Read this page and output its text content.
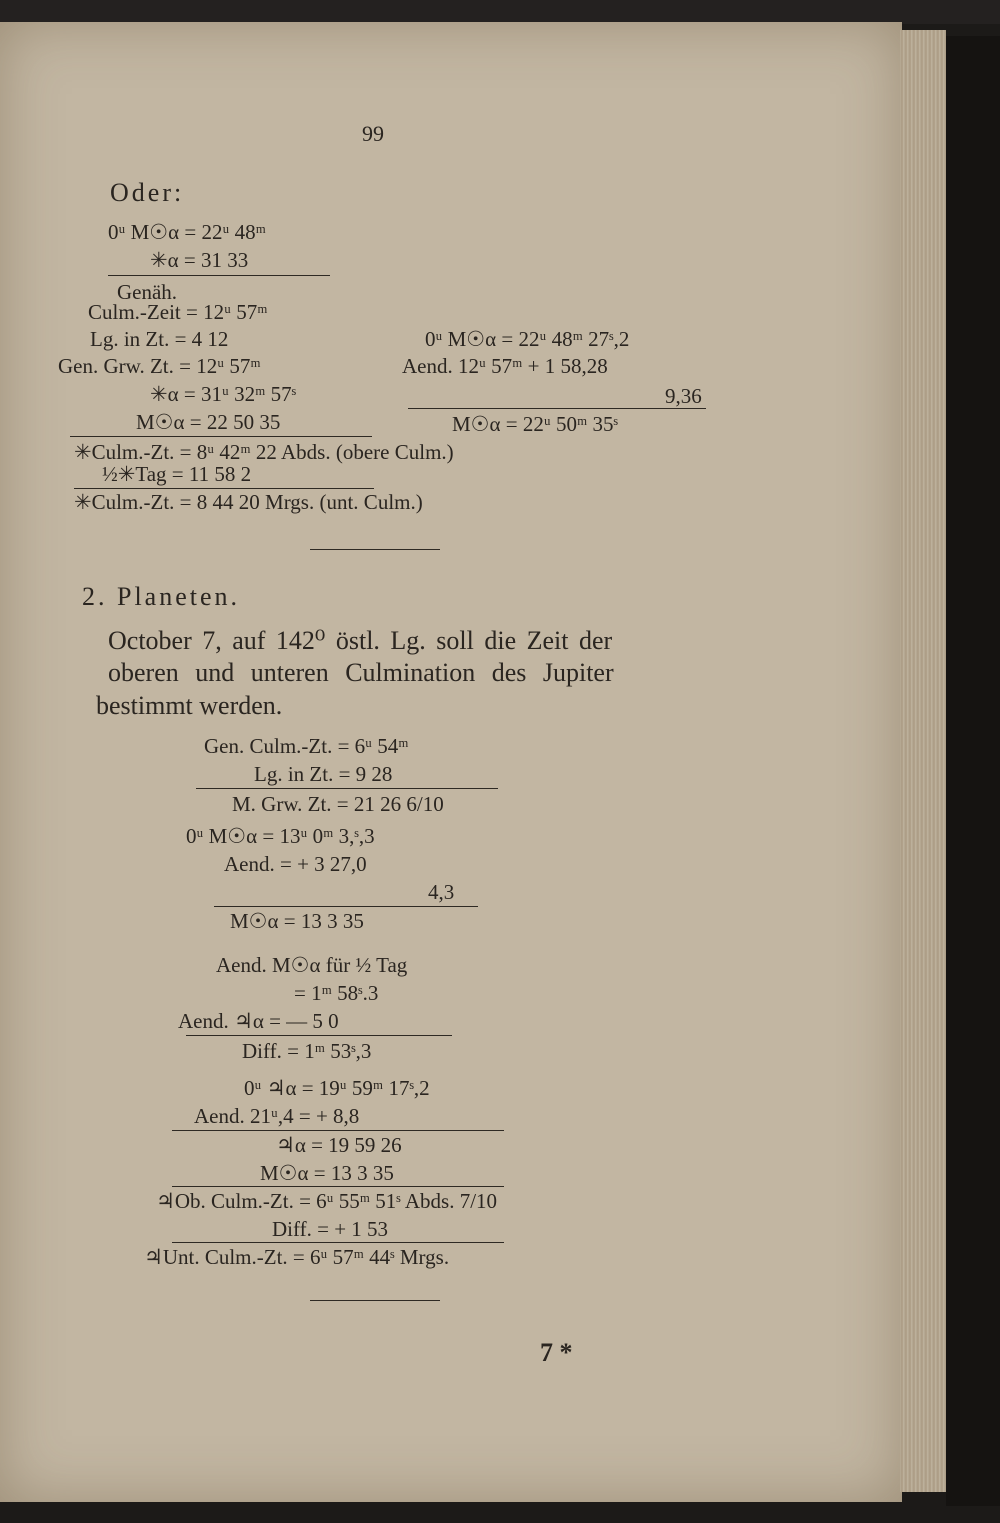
99
Oder:
0ᵘ M☉α = 22ᵘ 48ᵐ
✳α = 31 33
Genäh.
Culm.-Zeit = 12ᵘ 57ᵐ
Lg. in Zt. = 4 12
Gen. Grw. Zt. = 12ᵘ 57ᵐ
✳α = 31ᵘ 32ᵐ 57ˢ
M☉α = 22 50 35
✳Culm.-Zt. = 8ᵘ 42ᵐ 22 Abds. (obere Culm.)
½✳Tag = 11 58 2
✳Culm.-Zt. = 8 44 20 Mrgs. (unt. Culm.)
0ᵘ M☉α = 22ᵘ 48ᵐ 27ˢ,2
Aend. 12ᵘ 57ᵐ + 1 58,28
9,36
M☉α = 22ᵘ 50ᵐ 35ˢ
2. Planeten.
October 7, auf 142⁰ östl. Lg. soll die Zeit der
oberen und unteren Culmination des Jupiter
bestimmt werden.
Gen. Culm.-Zt. = 6ᵘ 54ᵐ
Lg. in Zt. = 9 28
M. Grw. Zt. = 21 26 6/10
0ᵘ M☉α = 13ᵘ 0ᵐ 3,ˢ,3
Aend. = + 3 27,0
4,3
M☉α = 13 3 35
Aend. M☉α für ½ Tag
= 1ᵐ 58ˢ.3
Aend. ♃α = — 5 0
Diff. = 1ᵐ 53ˢ,3
0ᵘ ♃α = 19ᵘ 59ᵐ 17ˢ,2
Aend. 21ᵘ,4 = + 8,8
♃α = 19 59 26
M☉α = 13 3 35
♃Ob. Culm.-Zt. = 6ᵘ 55ᵐ 51ˢ Abds. 7/10
Diff. = + 1 53
♃Unt. Culm.-Zt. = 6ᵘ 57ᵐ 44ˢ Mrgs.
7 *
